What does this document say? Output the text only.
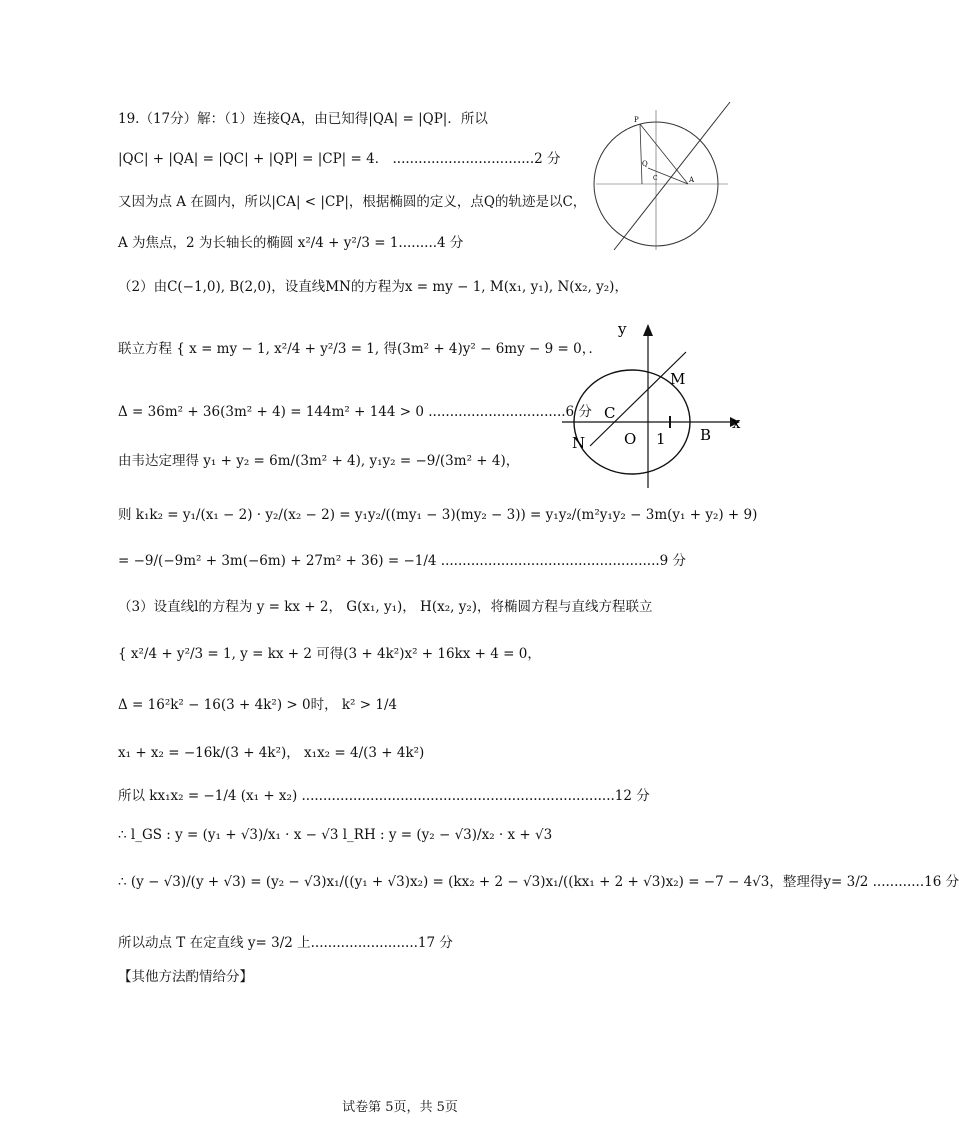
19.（17分）解：（1）连接QA，由已知得|QA| = |QP|．所以
|QC| + |QA| = |QC| + |QP| = |CP| = 4． .................................2 分
又因为点 A 在圆内，所以|CA| < |CP|，根据椭圆的定义，点Q的轨迹是以C，
A 为焦点，2 为长轴长的椭圆 x²/4 + y²/3 = 1.........4 分
（2）由C(−1,0), B(2,0)，设直线MN的方程为x = my − 1, M(x₁, y₁), N(x₂, y₂)，
联立方程 { x = my − 1, x²/4 + y²/3 = 1, 得(3m² + 4)y² − 6my − 9 = 0，．
Δ = 36m² + 36(3m² + 4) = 144m² + 144 > 0 ................................6 分
由韦达定理得 y₁ + y₂ = 6m/(3m² + 4), y₁y₂ = −9/(3m² + 4)，
则 k₁k₂ = y₁/(x₁ − 2) · y₂/(x₂ − 2) = y₁y₂/((my₁ − 3)(my₂ − 3)) = y₁y₂/(m²y₁y₂ − 3m(y₁ + y₂) + 9)
= −9/(−9m² + 3m(−6m) + 27m² + 36) = −1/4 ...................................................9 分
（3）设直线l的方程为 y = kx + 2， G(x₁, y₁)， H(x₂, y₂)，将椭圆方程与直线方程联立
{ x²/4 + y²/3 = 1, y = kx + 2 可得(3 + 4k²)x² + 16kx + 4 = 0，
Δ = 16²k² − 16(3 + 4k²) > 0时， k² > 1/4
x₁ + x₂ = −16k/(3 + 4k²)， x₁x₂ = 4/(3 + 4k²)
所以 kx₁x₂ = −1/4 (x₁ + x₂) .........................................................................12 分
∴ l_GS : y = (y₁ + √3)/x₁ · x − √3 l_RH : y = (y₂ − √3)/x₂ · x + √3
∴ (y − √3)/(y + √3) = (y₂ − √3)x₁/((y₁ + √3)x₂) = (kx₂ + 2 − √3)x₁/((kx₁ + 2 + √3)x₂) = −7 − 4√3，整理得y= 3/2 ............16 分
所以动点 T 在定直线 y= 3/2 上.........................17 分
【其他方法酌情给分】
P
Q
C	A
y
x
M
C
N	O 1 B
试卷第 5页，共 5页
